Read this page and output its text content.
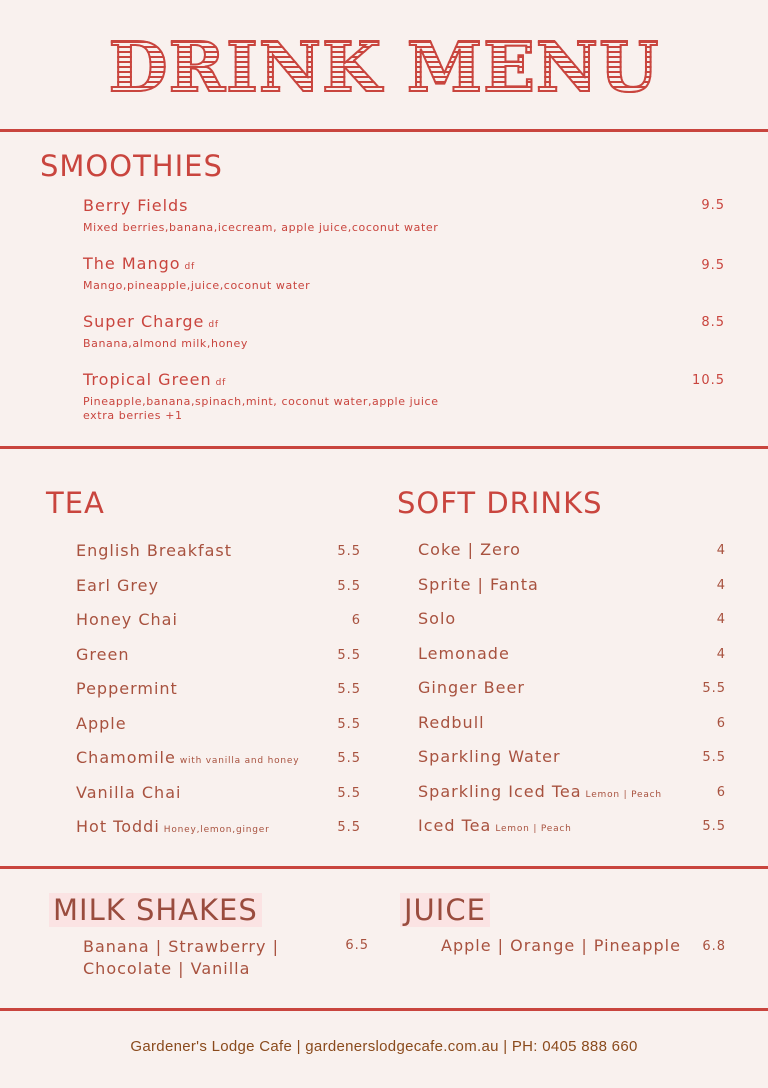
DRINK MENU
SMOOTHIES
Berry Fields
Mixed berries,banana,icecream, apple juice,coconut water
9.5
The Mango df
Mango,pineapple,juice,coconut water
9.5
Super Charge df
Banana,almond milk,honey
8.5
Tropical Green df
Pineapple,banana,spinach,mint, coconut water,apple juice
extra berries +1
10.5
TEA
English Breakfast	5.5
Earl Grey	5.5
Honey Chai	6
Green	5.5
Peppermint	5.5
Apple	5.5
Chamomile with vanilla and honey	5.5
Vanilla Chai	5.5
Hot Toddi Honey,lemon,ginger	5.5
SOFT DRINKS
Coke | Zero	4
Sprite | Fanta	4
Solo	4
Lemonade	4
Ginger Beer	5.5
Redbull	6
Sparkling Water	5.5
Sparkling Iced Tea Lemon | Peach	6
Iced Tea Lemon | Peach	5.5
MILK SHAKES
Banana | Strawberry |
Chocolate | Vanilla
6.5
JUICE
Apple | Orange | Pineapple	6.8
Gardener's Lodge Cafe | gardenerslodgecafe.com.au | PH: 0405 888 660
